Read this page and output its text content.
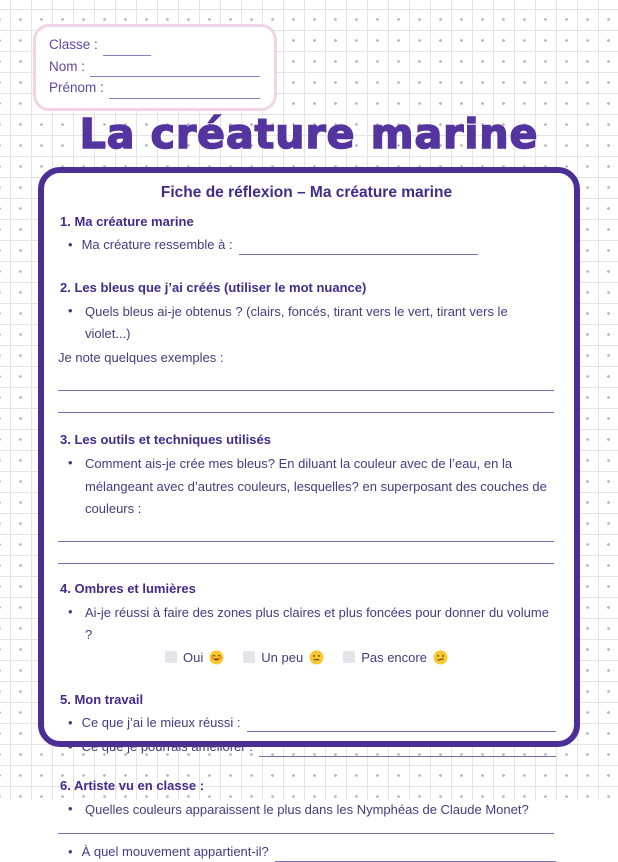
Classe :
Nom :
Prénom :
La créature marine
Fiche de réflexion – Ma créature marine
1. Ma créature marine
• Ma créature ressemble à :
2. Les bleus que j’ai créés (utiliser le mot nuance)
• Quels bleus ai-je obtenus ? (clairs, foncés, tirant vers le vert, tirant vers le violet...)
Je note quelques exemples :
3. Les outils et techniques utilisés
• Comment ais-je crée mes bleus? En diluant la couleur avec de l’eau, en la mélangeant avec d’autres couleurs, lesquelles? en superposant des couches de couleurs :
4. Ombres et lumières
• Ai-je réussi à faire des zones plus claires et plus foncées pour donner du volume ?
Oui	Un peu	Pas encore
5. Mon travail
• Ce que j’ai le mieux réussi :
• Ce que je pourrais améliorer :
6. Artiste vu en classe :
• Quelles couleurs apparaissent le plus dans les Nymphéas de Claude Monet?
• À quel mouvement appartient-il?
